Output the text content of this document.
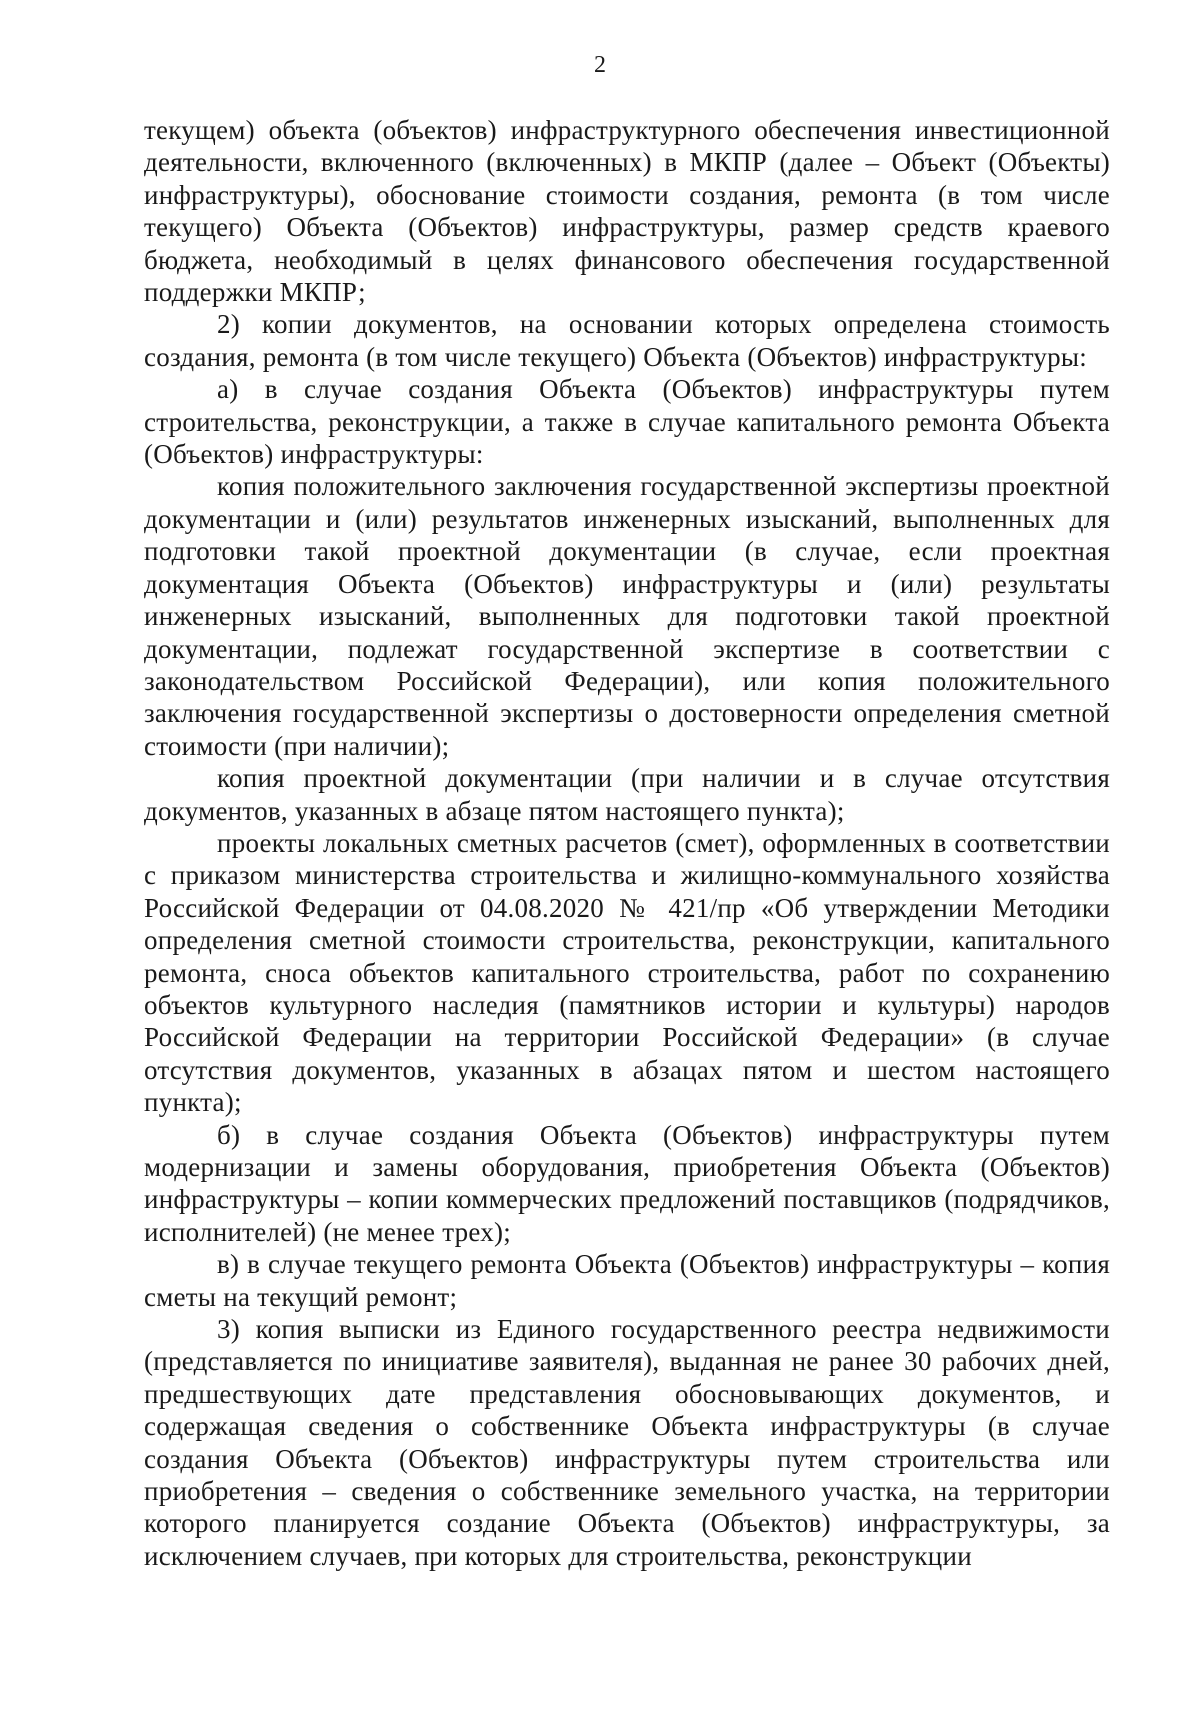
2

текущем) объекта (объектов) инфраструктурного обеспечения инвестиционной деятельности, включенного (включенных) в МКПР (далее – Объект (Объекты) инфраструктуры), обоснование стоимости создания, ремонта (в том числе текущего) Объекта (Объектов) инфраструктуры, размер средств краевого бюджета, необходимый в целях финансового обеспечения государственной поддержки МКПР;

2) копии документов, на основании которых определена стоимость создания, ремонта (в том числе текущего) Объекта (Объектов) инфраструктуры:

а) в случае создания Объекта (Объектов) инфраструктуры путем строительства, реконструкции, а также в случае капитального ремонта Объекта (Объектов) инфраструктуры:

копия положительного заключения государственной экспертизы проектной документации и (или) результатов инженерных изысканий, выполненных для подготовки такой проектной документации (в случае, если проектная документация Объекта (Объектов) инфраструктуры и (или) результаты инженерных изысканий, выполненных для подготовки такой проектной документации, подлежат государственной экспертизе в соответствии с законодательством Российской Федерации), или копия положительного заключения государственной экспертизы о достоверности определения сметной стоимости (при наличии);

копия проектной документации (при наличии и в случае отсутствия документов, указанных в абзаце пятом настоящего пункта);

проекты локальных сметных расчетов (смет), оформленных в соответствии с приказом министерства строительства и жилищно-коммунального хозяйства Российской Федерации от 04.08.2020 № 421/пр «Об утверждении Методики определения сметной стоимости строительства, реконструкции, капитального ремонта, сноса объектов капитального строительства, работ по сохранению объектов культурного наследия (памятников истории и культуры) народов Российской Федерации на территории Российской Федерации» (в случае отсутствия документов, указанных в абзацах пятом и шестом настоящего пункта);

б) в случае создания Объекта (Объектов) инфраструктуры путем модернизации и замены оборудования, приобретения Объекта (Объектов) инфраструктуры – копии коммерческих предложений поставщиков (подрядчиков, исполнителей) (не менее трех);

в) в случае текущего ремонта Объекта (Объектов) инфраструктуры – копия сметы на текущий ремонт;

3) копия выписки из Единого государственного реестра недвижимости (представляется по инициативе заявителя), выданная не ранее 30 рабочих дней, предшествующих дате представления обосновывающих документов, и содержащая сведения о собственнике Объекта инфраструктуры (в случае создания Объекта (Объектов) инфраструктуры путем строительства или приобретения – сведения о собственнике земельного участка, на территории которого планируется создание Объекта (Объектов) инфраструктуры, за исключением случаев, при которых для строительства, реконструкции
